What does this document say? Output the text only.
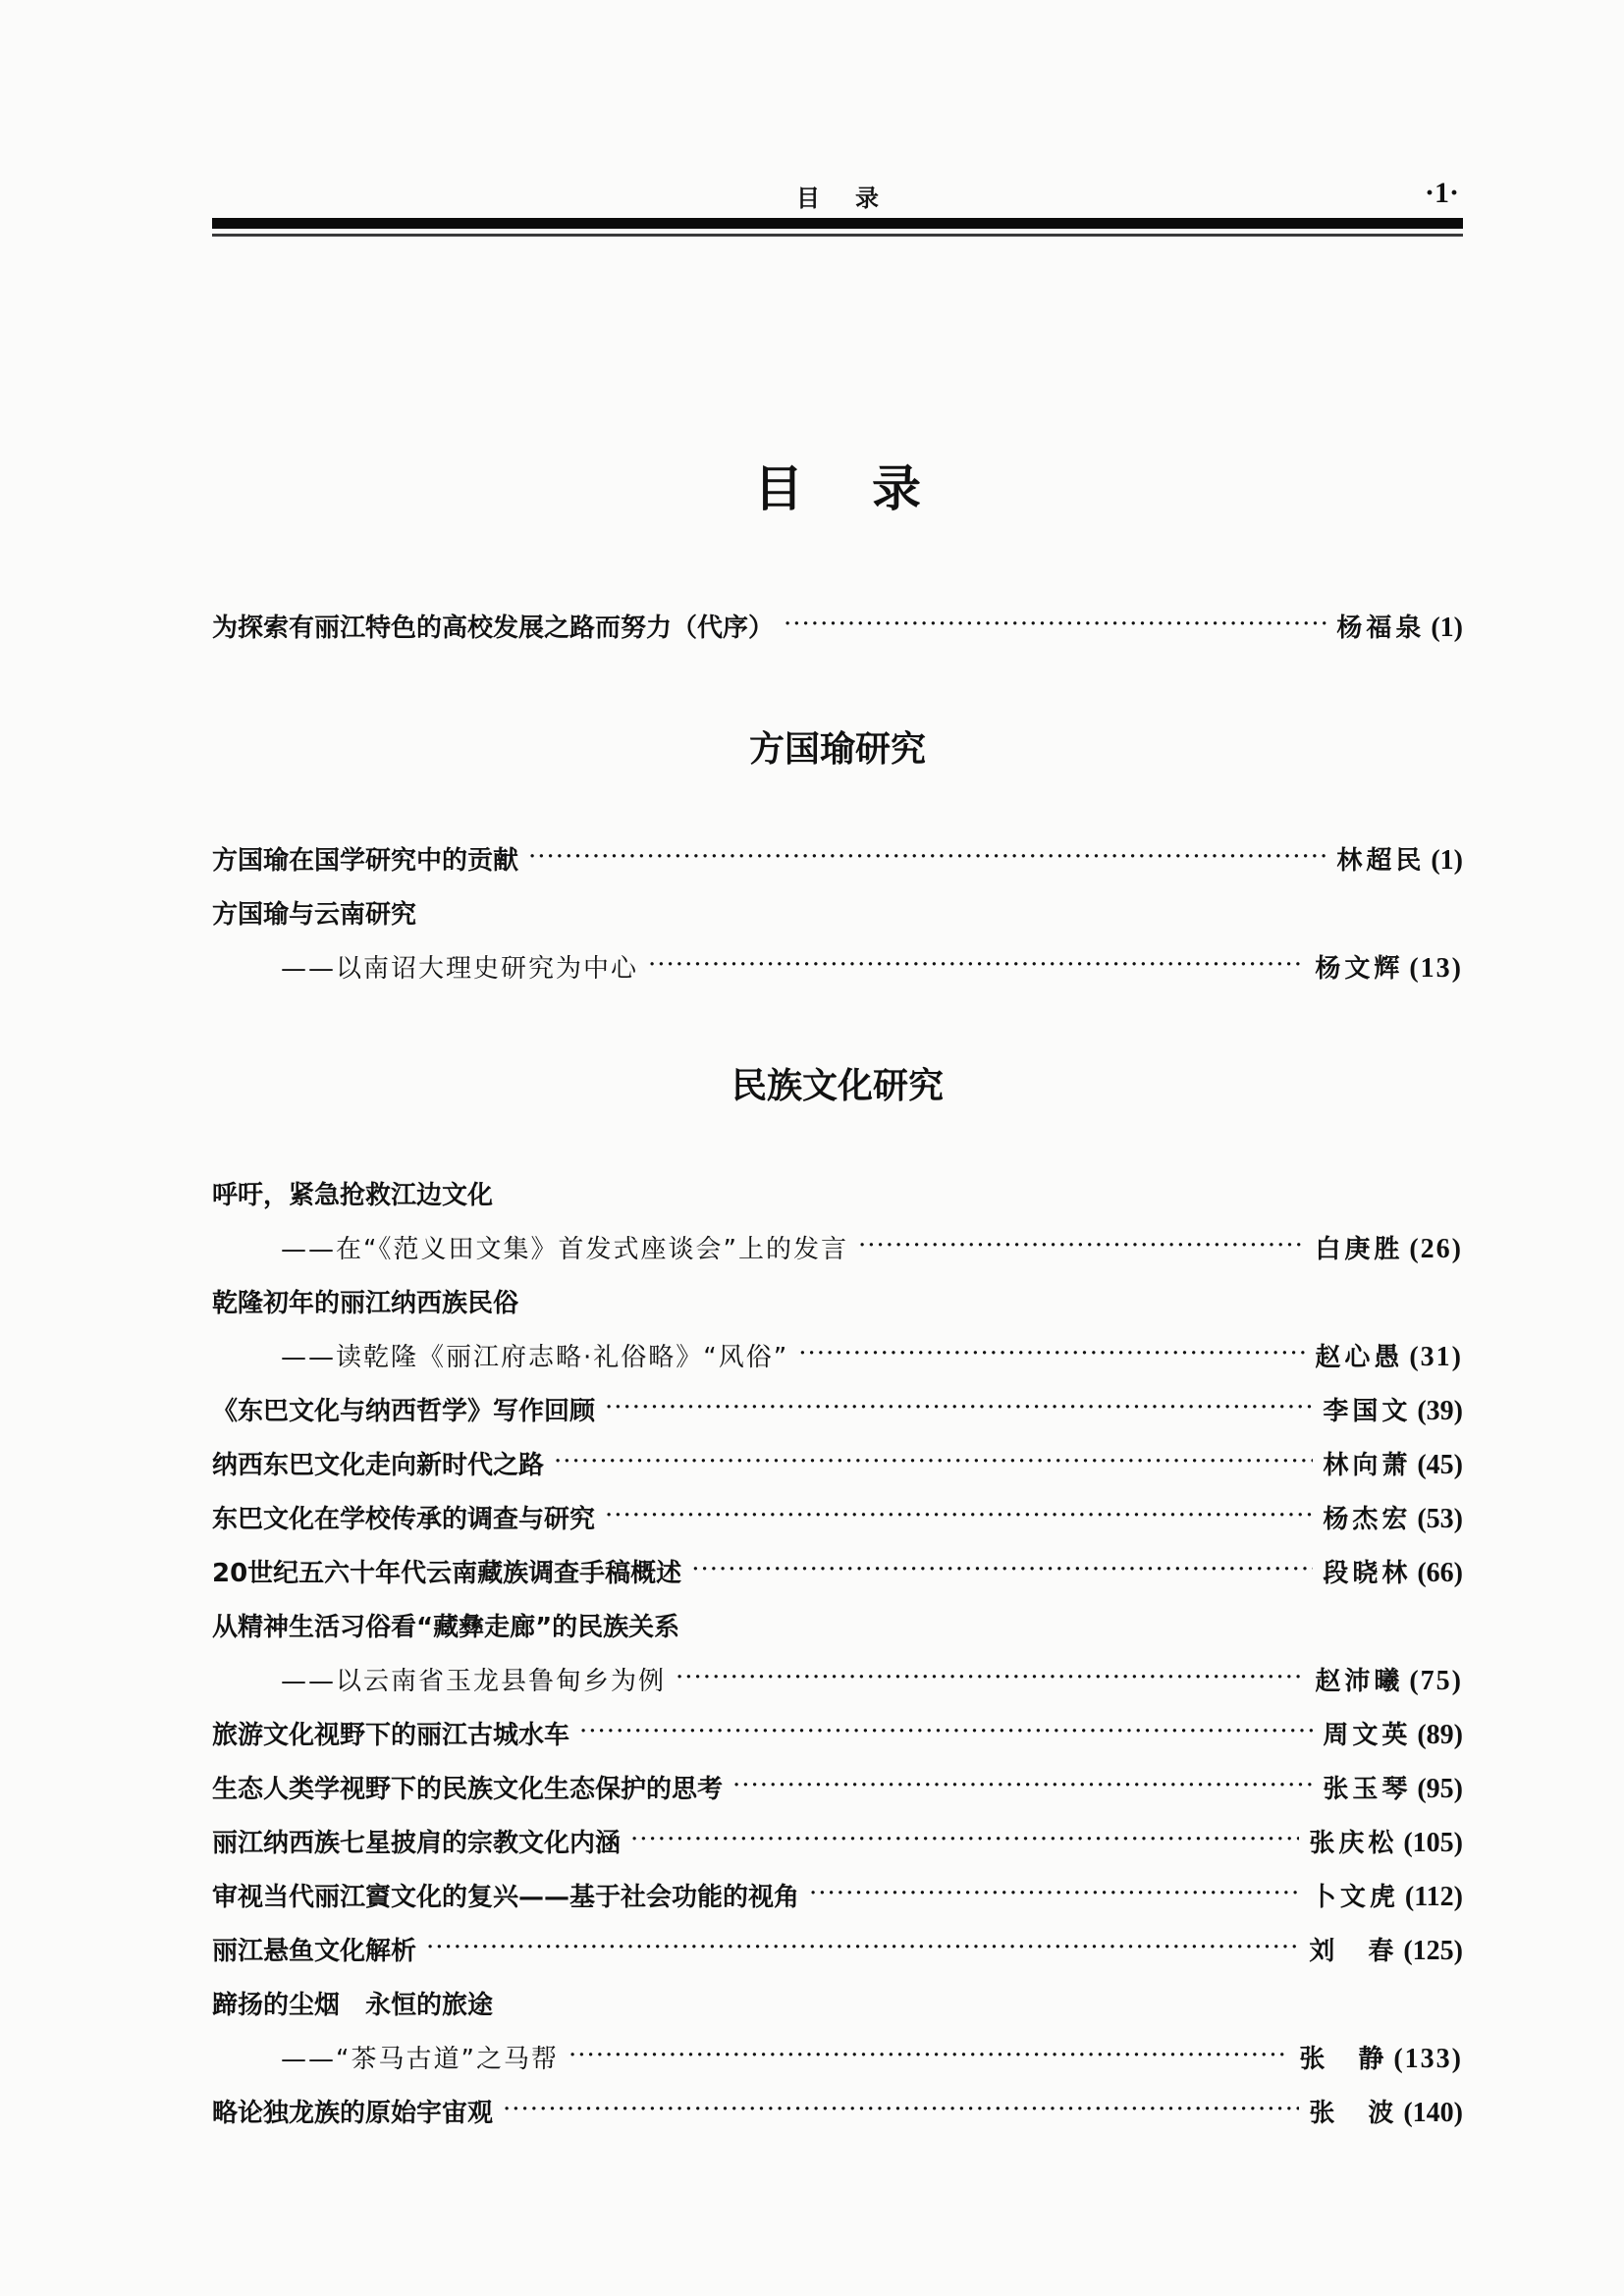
目录	·1·
目录
为探索有丽江特色的高校发展之路而努力（代序） ·····	杨福泉 (1)
方国瑜研究
方国瑜在国学研究中的贡献 ·····	林超民 (1)
方国瑜与云南研究
——以南诏大理史研究为中心 ·····	杨文辉 (13)
民族文化研究
呼吁，紧急抢救江边文化
——在“《范义田文集》首发式座谈会”上的发言 ·····	白庚胜 (26)
乾隆初年的丽江纳西族民俗
——读乾隆《丽江府志略·礼俗略》“风俗” ·····	赵心愚 (31)
《东巴文化与纳西哲学》写作回顾 ·····	李国文 (39)
纳西东巴文化走向新时代之路 ·····	林向萧 (45)
东巴文化在学校传承的调查与研究 ·····	杨杰宏 (53)
20世纪五六十年代云南藏族调查手稿概述 ·····	段晓林 (66)
从精神生活习俗看“藏彝走廊”的民族关系
——以云南省玉龙县鲁甸乡为例 ·····	赵沛曦 (75)
旅游文化视野下的丽江古城水车 ·····	周文英 (89)
生态人类学视野下的民族文化生态保护的思考 ·····	张玉琴 (95)
丽江纳西族七星披肩的宗教文化内涵 ·····	张庆松 (105)
审视当代丽江賨文化的复兴——基于社会功能的视角 ·····	卜文虎 (112)
丽江悬鱼文化解析 ·····	刘　春 (125)
蹄扬的尘烟　永恒的旅途
——“茶马古道”之马帮 ·····	张　静 (133)
略论独龙族的原始宇宙观 ·····	张　波 (140)
